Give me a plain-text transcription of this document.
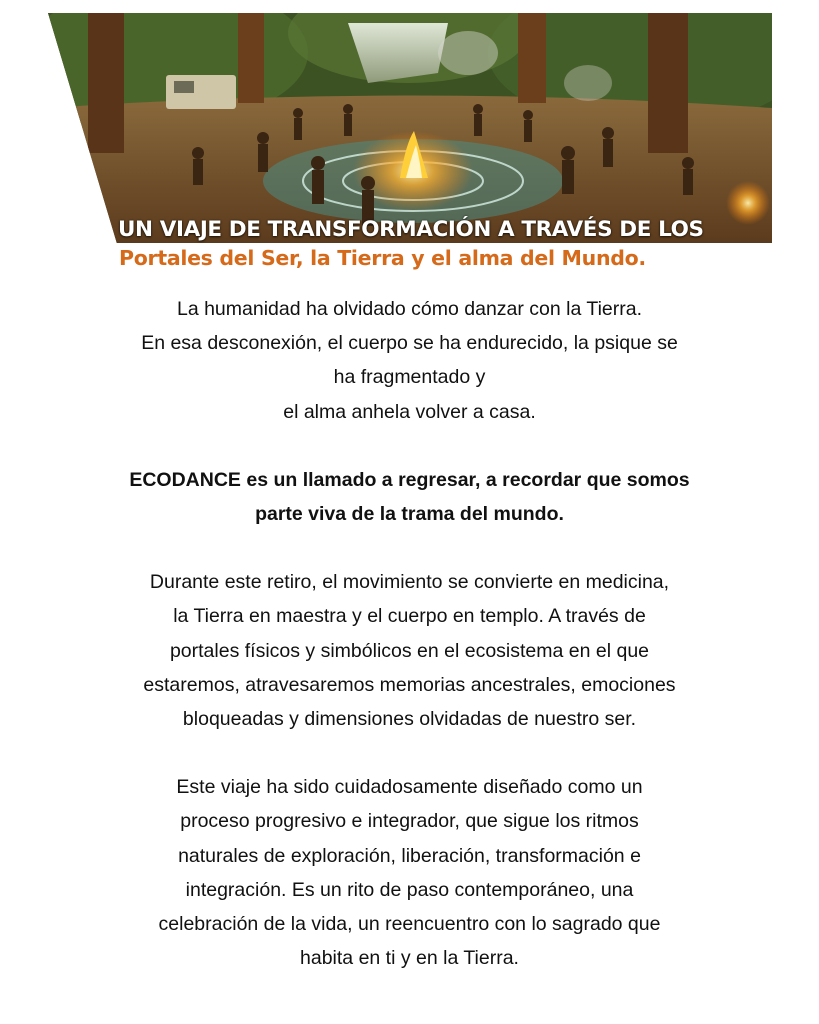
UN VIAJE DE TRANSFORMACIÓN A TRAVÉS DE LOS
Portales del Ser, la Tierra y el alma del Mundo.

La humanidad ha olvidado cómo danzar con la Tierra.
En esa desconexión, el cuerpo se ha endurecido, la psique se
ha fragmentado y
el alma anhela volver a casa.

ECODANCE es un llamado a regresar, a recordar que somos
parte viva de la trama del mundo.

Durante este retiro, el movimiento se convierte en medicina,
la Tierra en maestra y el cuerpo en templo. A través de
portales físicos y simbólicos en el ecosistema en el que
estaremos, atravesaremos memorias ancestrales, emociones
bloqueadas y dimensiones olvidadas de nuestro ser.

Este viaje ha sido cuidadosamente diseñado como un
proceso progresivo e integrador, que sigue los ritmos
naturales de exploración, liberación, transformación e
integración. Es un rito de paso contemporáneo, una
celebración de la vida, un reencuentro con lo sagrado que
habita en ti y en la Tierra.
